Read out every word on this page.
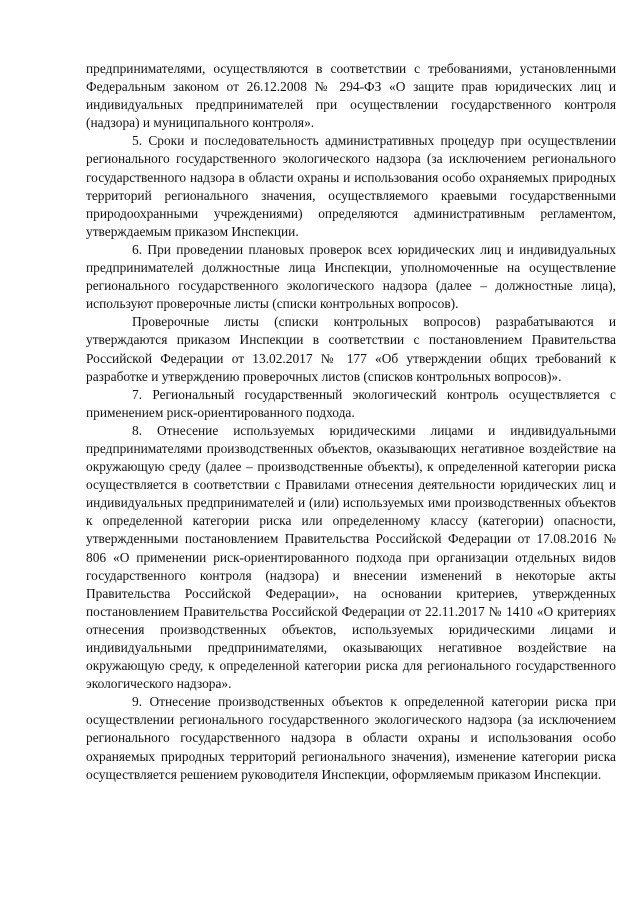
предпринимателями, осуществляются в соответствии с требованиями, установленными Федеральным законом от 26.12.2008 № 294-ФЗ «О защите прав юридических лиц и индивидуальных предпринимателей при осуществлении государственного контроля (надзора) и муниципального контроля».

5. Сроки и последовательность административных процедур при осуществлении регионального государственного экологического надзора (за исключением регионального государственного надзора в области охраны и использования особо охраняемых природных территорий регионального значения, осуществляемого краевыми государственными природоохранными учреждениями) определяются административным регламентом, утверждаемым приказом Инспекции.

6. При проведении плановых проверок всех юридических лиц и индивидуальных предпринимателей должностные лица Инспекции, уполномоченные на осуществление регионального государственного экологического надзора (далее – должностные лица), используют проверочные листы (списки контрольных вопросов).

Проверочные листы (списки контрольных вопросов) разрабатываются и утверждаются приказом Инспекции в соответствии с постановлением Правительства Российской Федерации от 13.02.2017 № 177 «Об утверждении общих требований к разработке и утверждению проверочных листов (списков контрольных вопросов)».

7. Региональный государственный экологический контроль осуществляется с применением риск-ориентированного подхода.

8. Отнесение используемых юридическими лицами и индивидуальными предпринимателями производственных объектов, оказывающих негативное воздействие на окружающую среду (далее – производственные объекты), к определенной категории риска осуществляется в соответствии с Правилами отнесения деятельности юридических лиц и индивидуальных предпринимателей и (или) используемых ими производственных объектов к определенной категории риска или определенному классу (категории) опасности, утвержденными постановлением Правительства Российской Федерации от 17.08.2016 № 806 «О применении риск-ориентированного подхода при организации отдельных видов государственного контроля (надзора) и внесении изменений в некоторые акты Правительства Российской Федерации», на основании критериев, утвержденных постановлением Правительства Российской Федерации от 22.11.2017 № 1410 «О критериях отнесения производственных объектов, используемых юридическими лицами и индивидуальными предпринимателями, оказывающих негативное воздействие на окружающую среду, к определенной категории риска для регионального государственного экологического надзора».

9. Отнесение производственных объектов к определенной категории риска при осуществлении регионального государственного экологического надзора (за исключением регионального государственного надзора в области охраны и использования особо охраняемых природных территорий регионального значения), изменение категории риска осуществляется решением руководителя Инспекции, оформляемым приказом Инспекции.
